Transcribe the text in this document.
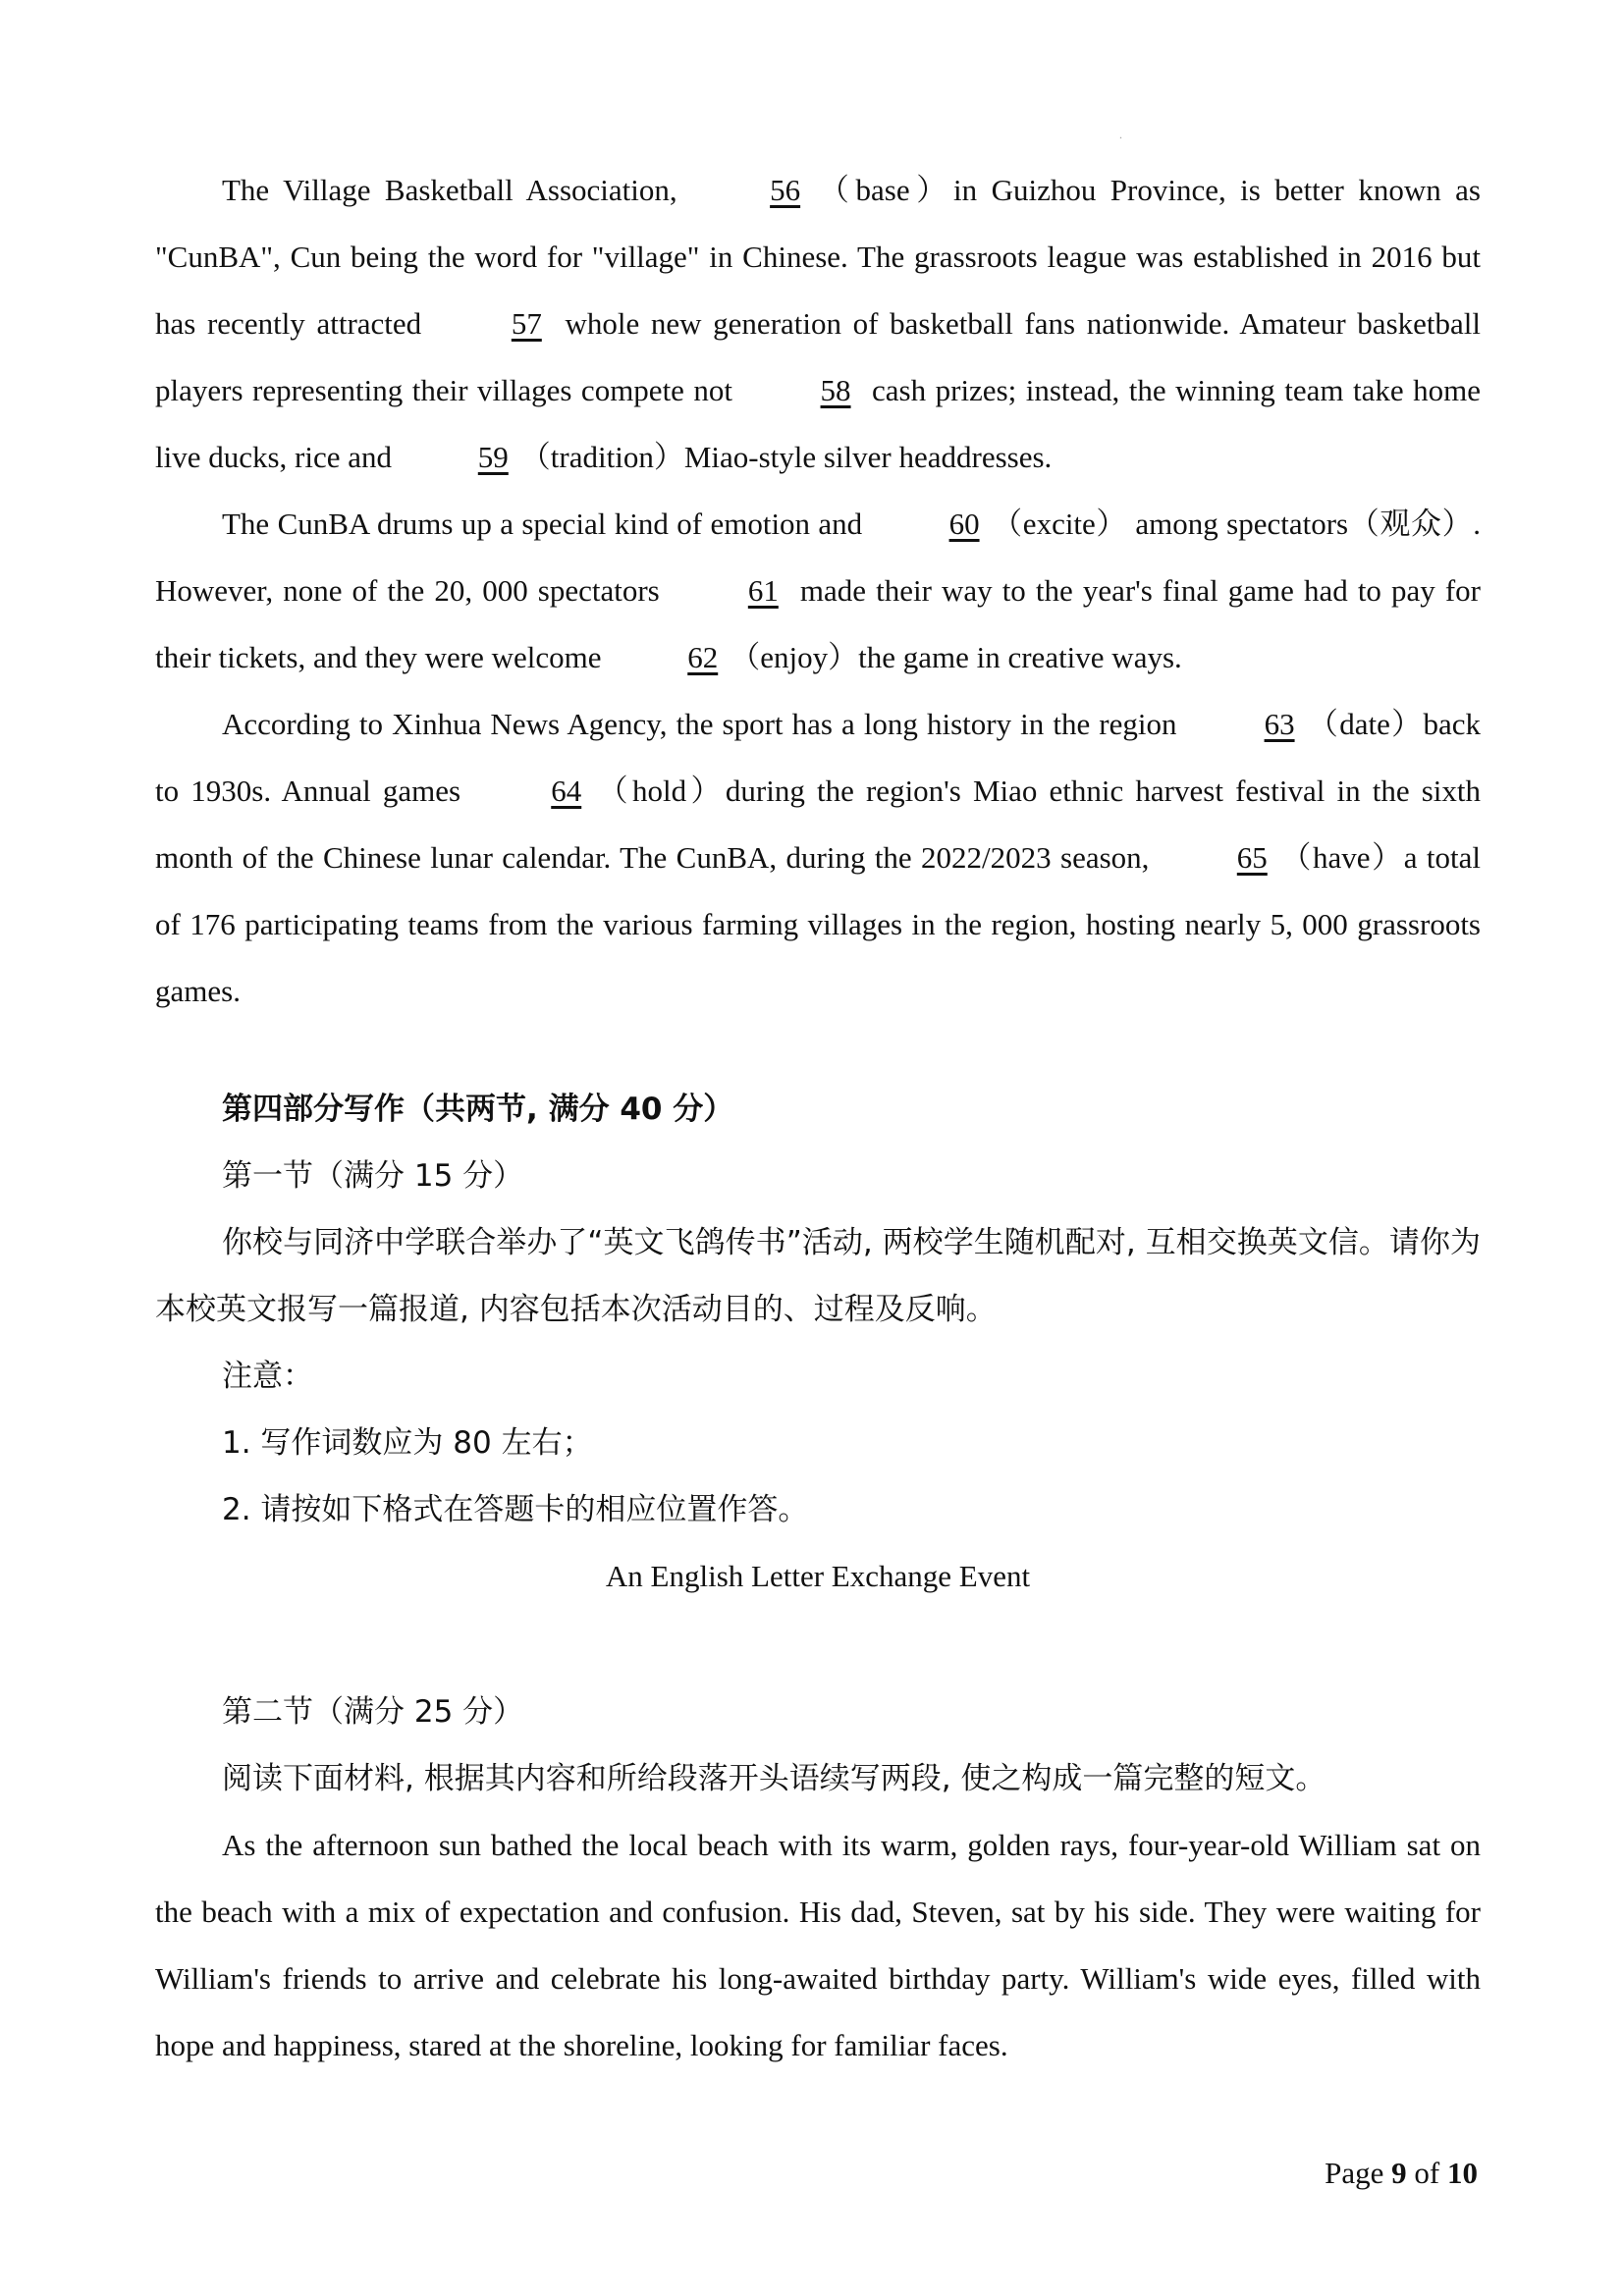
.

The Village Basketball Association,	56 （base）in Guizhou Province, is better known as "CunBA", Cun being the word for "village" in Chinese. The grassroots league was established in 2016 but has recently attracted	57 whole new generation of basketball fans nationwide. Amateur basketball players representing their villages compete not	58 cash prizes; instead, the winning team take home live ducks, rice and	59 （tradition）Miao-style silver headdresses.

The CunBA drums up a special kind of emotion and	60 （excite） among spectators（观众）. However, none of the 20, 000 spectators	61 made their way to the year's final game had to pay for their tickets, and they were welcome	62 （enjoy）the game in creative ways.

According to Xinhua News Agency, the sport has a long history in the region	63 （date）back to 1930s. Annual games	64 （hold）during the region's Miao ethnic harvest festival in the sixth month of the Chinese lunar calendar. The CunBA, during the 2022/2023 season,	65 （have）a total of 176 participating teams from the various farming villages in the region, hosting nearly 5, 000 grassroots games.

第四部分写作（共两节, 满分 40 分）

第一节（满分 15 分）

你校与同济中学联合举办了“英文飞鸽传书”活动, 两校学生随机配对, 互相交换英文信。请你为本校英文报写一篇报道, 内容包括本次活动目的、过程及反响。

注意：

1. 写作词数应为 80 左右；

2. 请按如下格式在答题卡的相应位置作答。

An English Letter Exchange Event

第二节（满分 25 分）

阅读下面材料, 根据其内容和所给段落开头语续写两段, 使之构成一篇完整的短文。

As the afternoon sun bathed the local beach with its warm, golden rays, four-year-old William sat on the beach with a mix of expectation and confusion. His dad, Steven, sat by his side. They were waiting for William's friends to arrive and celebrate his long-awaited birthday party. William's wide eyes, filled with hope and happiness, stared at the shoreline, looking for familiar faces.

Page 9 of 10
